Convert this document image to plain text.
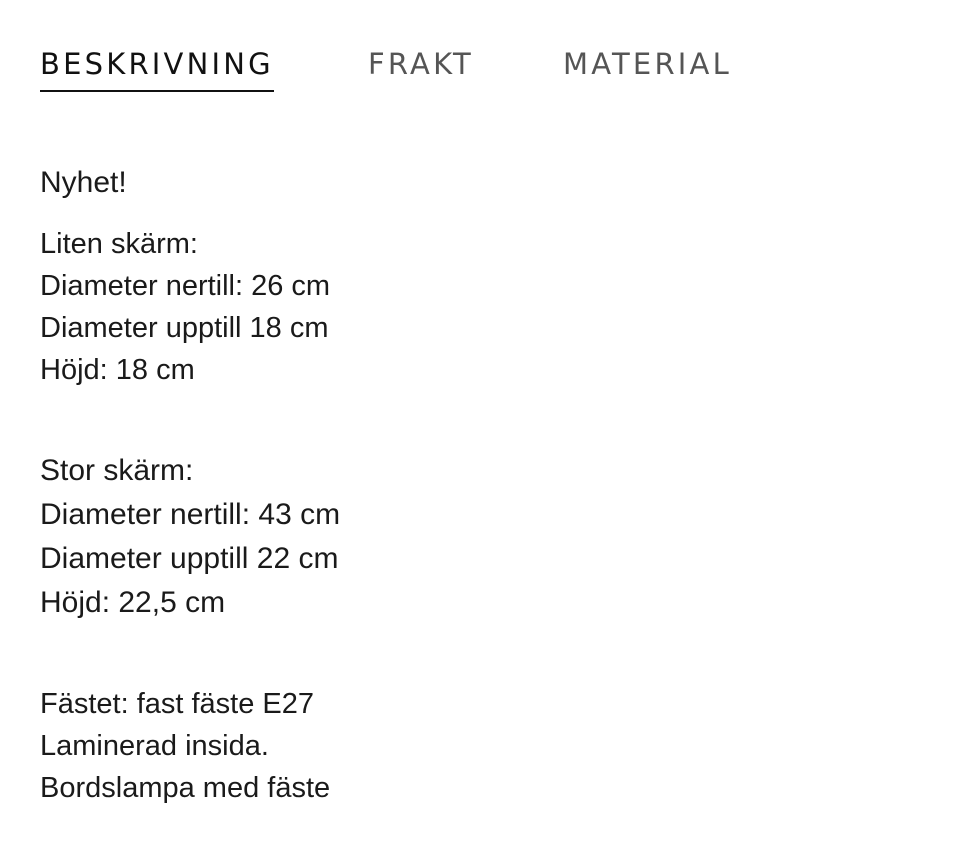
BESKRIVNING	FRAKT	MATERIAL

Nyhet!

Liten skärm:
Diameter nertill: 26 cm
Diameter upptill 18 cm
Höjd: 18 cm

Stor skärm:
Diameter nertill: 43 cm
Diameter upptill 22 cm
Höjd: 22,5 cm

Fästet: fast fäste E27
Laminerad insida.
Bordslampa med fäste
